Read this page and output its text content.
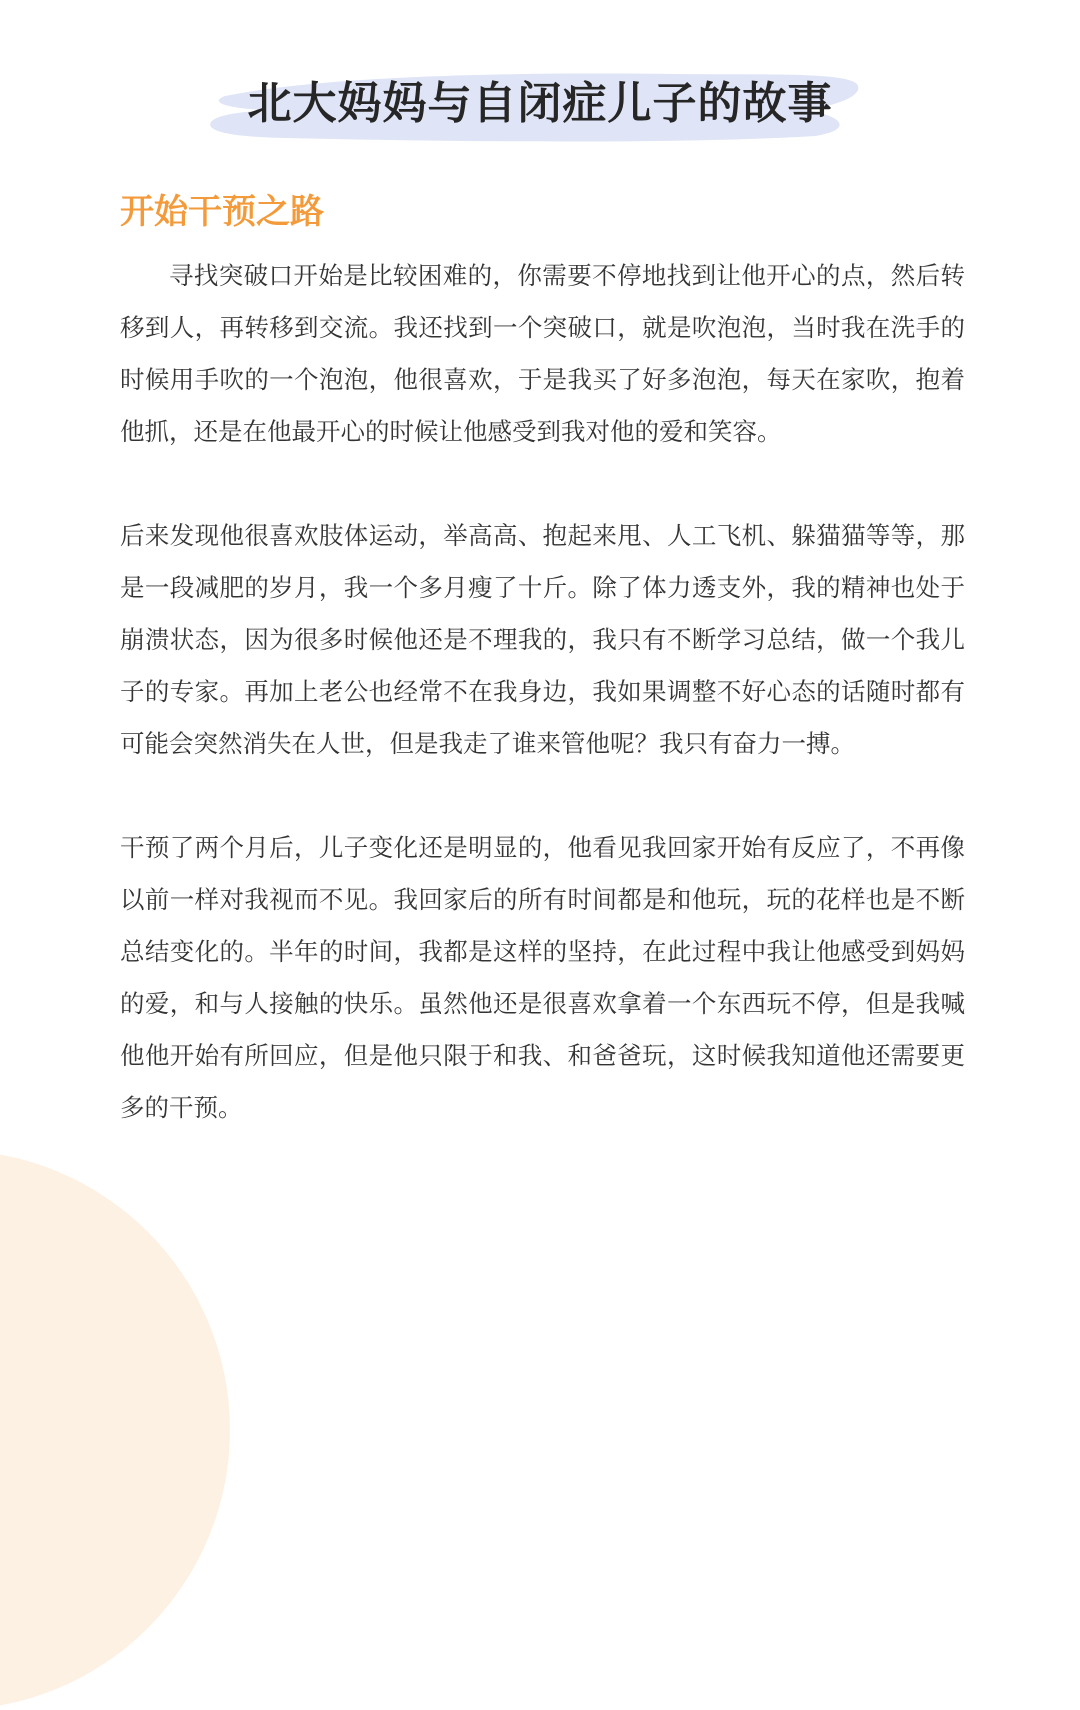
北大妈妈与自闭症儿子的故事
开始干预之路

寻找突破口开始是比较困难的，你需要不停地找到让他开心的点，然后转移到人，再转移到交流。我还找到一个突破口，就是吹泡泡，当时我在洗手的时候用手吹的一个泡泡，他很喜欢，于是我买了好多泡泡，每天在家吹，抱着他抓，还是在他最开心的时候让他感受到我对他的爱和笑容。

后来发现他很喜欢肢体运动，举高高、抱起来甩、人工飞机、躲猫猫等等，那是一段减肥的岁月，我一个多月瘦了十斤。除了体力透支外，我的精神也处于崩溃状态，因为很多时候他还是不理我的，我只有不断学习总结，做一个我儿子的专家。再加上老公也经常不在我身边，我如果调整不好心态的话随时都有可能会突然消失在人世，但是我走了谁来管他呢？我只有奋力一搏。

干预了两个月后，儿子变化还是明显的，他看见我回家开始有反应了，不再像以前一样对我视而不见。我回家后的所有时间都是和他玩，玩的花样也是不断总结变化的。半年的时间，我都是这样的坚持，在此过程中我让他感受到妈妈的爱，和与人接触的快乐。虽然他还是很喜欢拿着一个东西玩不停，但是我喊他他开始有所回应，但是他只限于和我、和爸爸玩，这时候我知道他还需要更多的干预。
